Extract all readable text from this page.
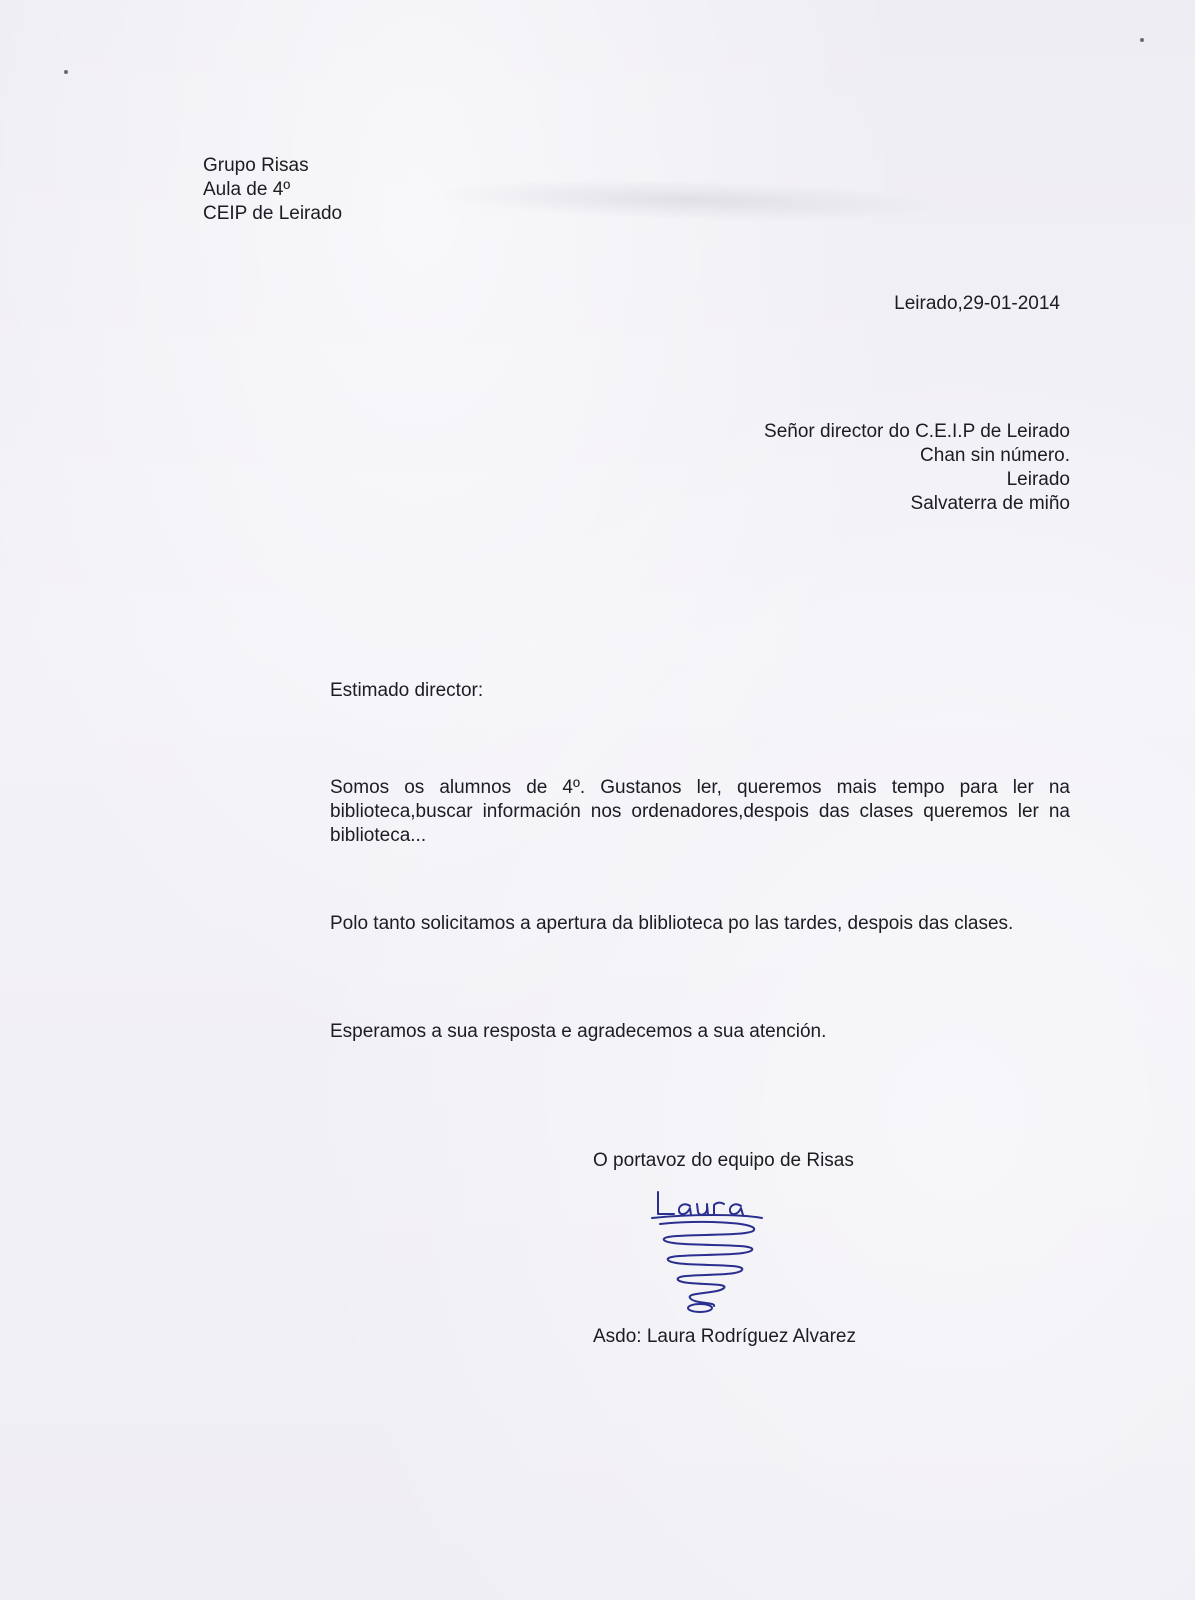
Grupo Risas
Aula de 4º
CEIP de Leirado
Leirado,29-01-2014
Señor director do C.E.I.P de Leirado
Chan sin número.
Leirado
Salvaterra de miño
Estimado director:
Somos os alumnos de 4º. Gustanos ler, queremos mais tempo para ler na biblioteca,buscar información nos ordenadores,despois das clases queremos ler na biblioteca...
Polo tanto solicitamos a apertura da bliblioteca po las tardes, despois das clases.
Esperamos a sua resposta e agradecemos a sua atención.
O portavoz do equipo de Risas
Laura
Asdo: Laura Rodríguez Alvarez
